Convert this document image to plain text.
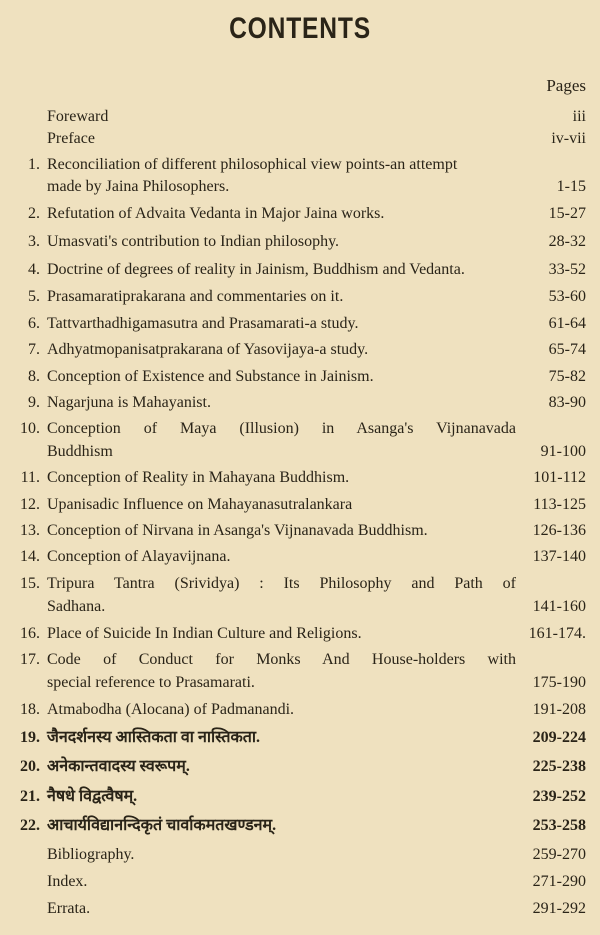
CONTENTS
Pages
Foreward	iii
Preface	iv-vii
1. Reconciliation of different philosophical view points-an attempt
made by Jaina Philosophers.	1-15
2. Refutation of Advaita Vedanta in Major Jaina works.	15-27
3. Umasvati's contribution to Indian philosophy.	28-32
4. Doctrine of degrees of reality in Jainism, Buddhism and Vedanta.	33-52
5. Prasamaratiprakarana and commentaries on it.	53-60
6. Tattvarthadhigamasutra and Prasamarati-a study.	61-64
7. Adhyatmopanisatprakarana of Yasovijaya-a study.	65-74
8. Conception of Existence and Substance in Jainism.	75-82
9. Nagarjuna is Mahayanist.	83-90
10. Conception of Maya (Illusion) in Asanga's Vijnanavada
Buddhism	91-100
11. Conception of Reality in Mahayana Buddhism.	101-112
12. Upanisadic Influence on Mahayanasutralankara	113-125
13. Conception of Nirvana in Asanga's Vijnanavada Buddhism.	126-136
14. Conception of Alayavijnana.	137-140
15. Tripura Tantra (Srividya) : Its Philosophy and Path of
Sadhana.	141-160
16. Place of Suicide In Indian Culture and Religions.	161-174.
17. Code of Conduct for Monks And House-holders with
special reference to Prasamarati.	175-190
18. Atmabodha (Alocana) of Padmanandi.	191-208
19. जैनदर्शनस्य आस्तिकता वा नास्तिकता.	209-224
20. अनेकान्तवादस्य स्वरूपम्.	225-238
21. नैषधे विद्वत्वैषम्.	239-252
22. आचार्यविद्यानन्दिकृतं चार्वाकमतखण्डनम्.	253-258
Bibliography.	259-270
Index.	271-290
Errata.	291-292
